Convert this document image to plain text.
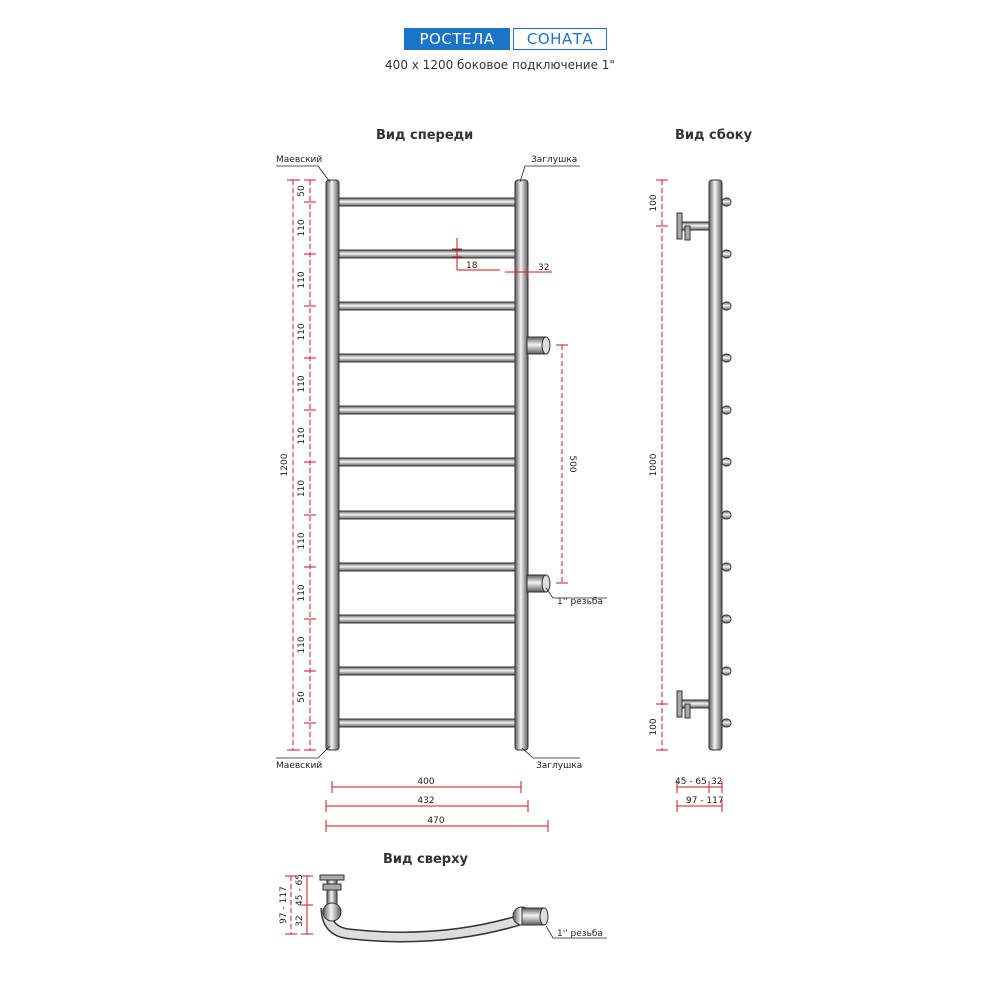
РОСТЕЛА	СОНАТА
400 x 1200 боковое подключение 1"
Вид спереди	Вид сбоку
Вид сверху
Маевский	Заглушка
Маевский	Заглушка
1'' резьба
1200
50
110
110
110
110
110
110
110
110
110
50
18	32
500
400
432
470
100
1000
100
45 - 65 32
97 - 117
1'' резьба
97 - 117 32
45 - 65
